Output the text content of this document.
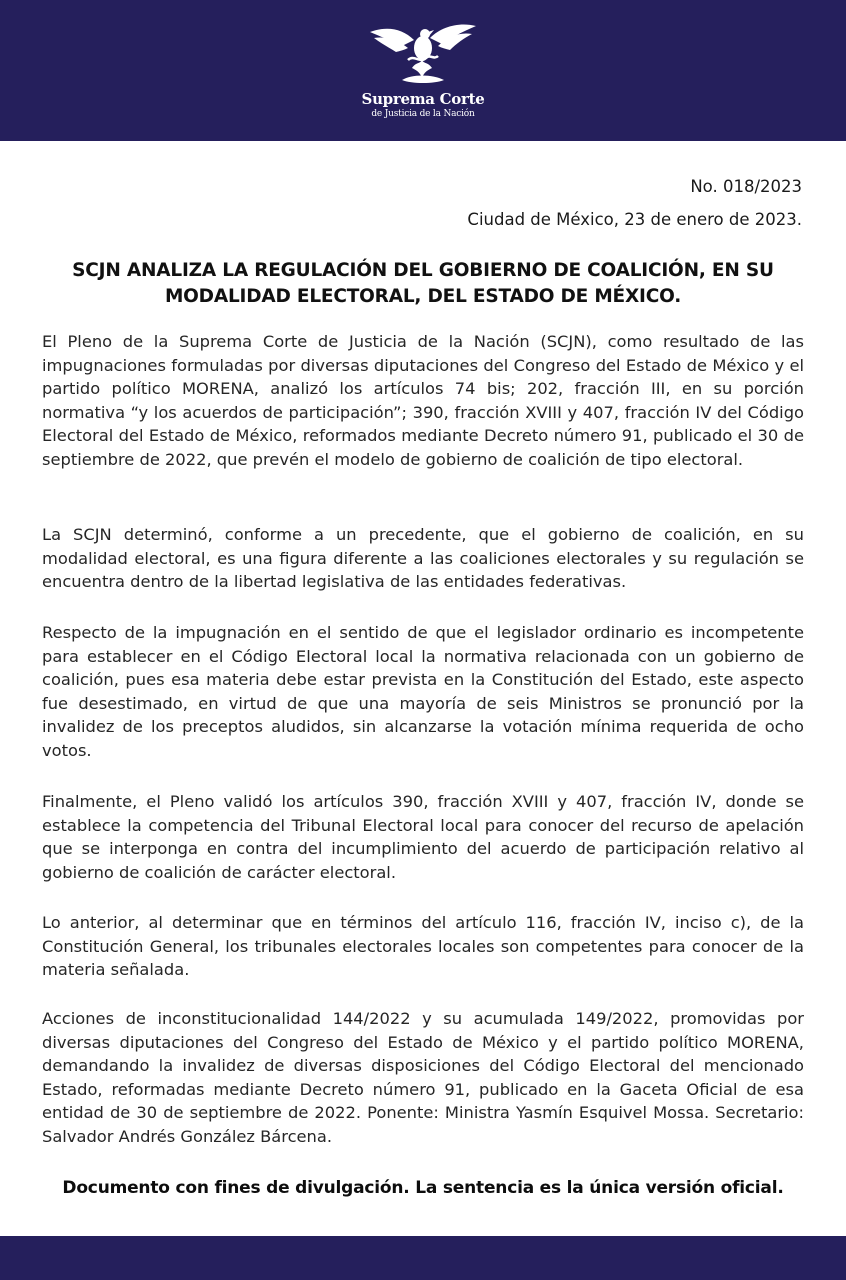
Suprema Corte
de Justicia de la Nación
No. 018/2023
Ciudad de México, 23 de enero de 2023.
SCJN ANALIZA LA REGULACIÓN DEL GOBIERNO DE COALICIÓN, EN SU MODALIDAD ELECTORAL, DEL ESTADO DE MÉXICO.
El Pleno de la Suprema Corte de Justicia de la Nación (SCJN), como resultado de las impugnaciones formuladas por diversas diputaciones del Congreso del Estado de México y el partido político MORENA, analizó los artículos 74 bis; 202, fracción III, en su porción normativa “y los acuerdos de participación”; 390, fracción XVIII y 407, fracción IV del Código Electoral del Estado de México, reformados mediante Decreto número 91, publicado el 30 de septiembre de 2022, que prevén el modelo de gobierno de coalición de tipo electoral.
La SCJN determinó, conforme a un precedente, que el gobierno de coalición, en su modalidad electoral, es una figura diferente a las coaliciones electorales y su regulación se encuentra dentro de la libertad legislativa de las entidades federativas.
Respecto de la impugnación en el sentido de que el legislador ordinario es incompetente para establecer en el Código Electoral local la normativa relacionada con un gobierno de coalición, pues esa materia debe estar prevista en la Constitución del Estado, este aspecto fue desestimado, en virtud de que una mayoría de seis Ministros se pronunció por la invalidez de los preceptos aludidos, sin alcanzarse la votación mínima requerida de ocho votos.
Finalmente, el Pleno validó los artículos 390, fracción XVIII y 407, fracción IV, donde se establece la competencia del Tribunal Electoral local para conocer del recurso de apelación que se interponga en contra del incumplimiento del acuerdo de participación relativo al gobierno de coalición de carácter electoral.
Lo anterior, al determinar que en términos del artículo 116, fracción IV, inciso c), de la Constitución General, los tribunales electorales locales son competentes para conocer de la materia señalada.
Acciones de inconstitucionalidad 144/2022 y su acumulada 149/2022, promovidas por diversas diputaciones del Congreso del Estado de México y el partido político MORENA, demandando la invalidez de diversas disposiciones del Código Electoral del mencionado Estado, reformadas mediante Decreto número 91, publicado en la Gaceta Oficial de esa entidad de 30 de septiembre de 2022. Ponente: Ministra Yasmín Esquivel Mossa. Secretario: Salvador Andrés González Bárcena.
Documento con fines de divulgación. La sentencia es la única versión oficial.
